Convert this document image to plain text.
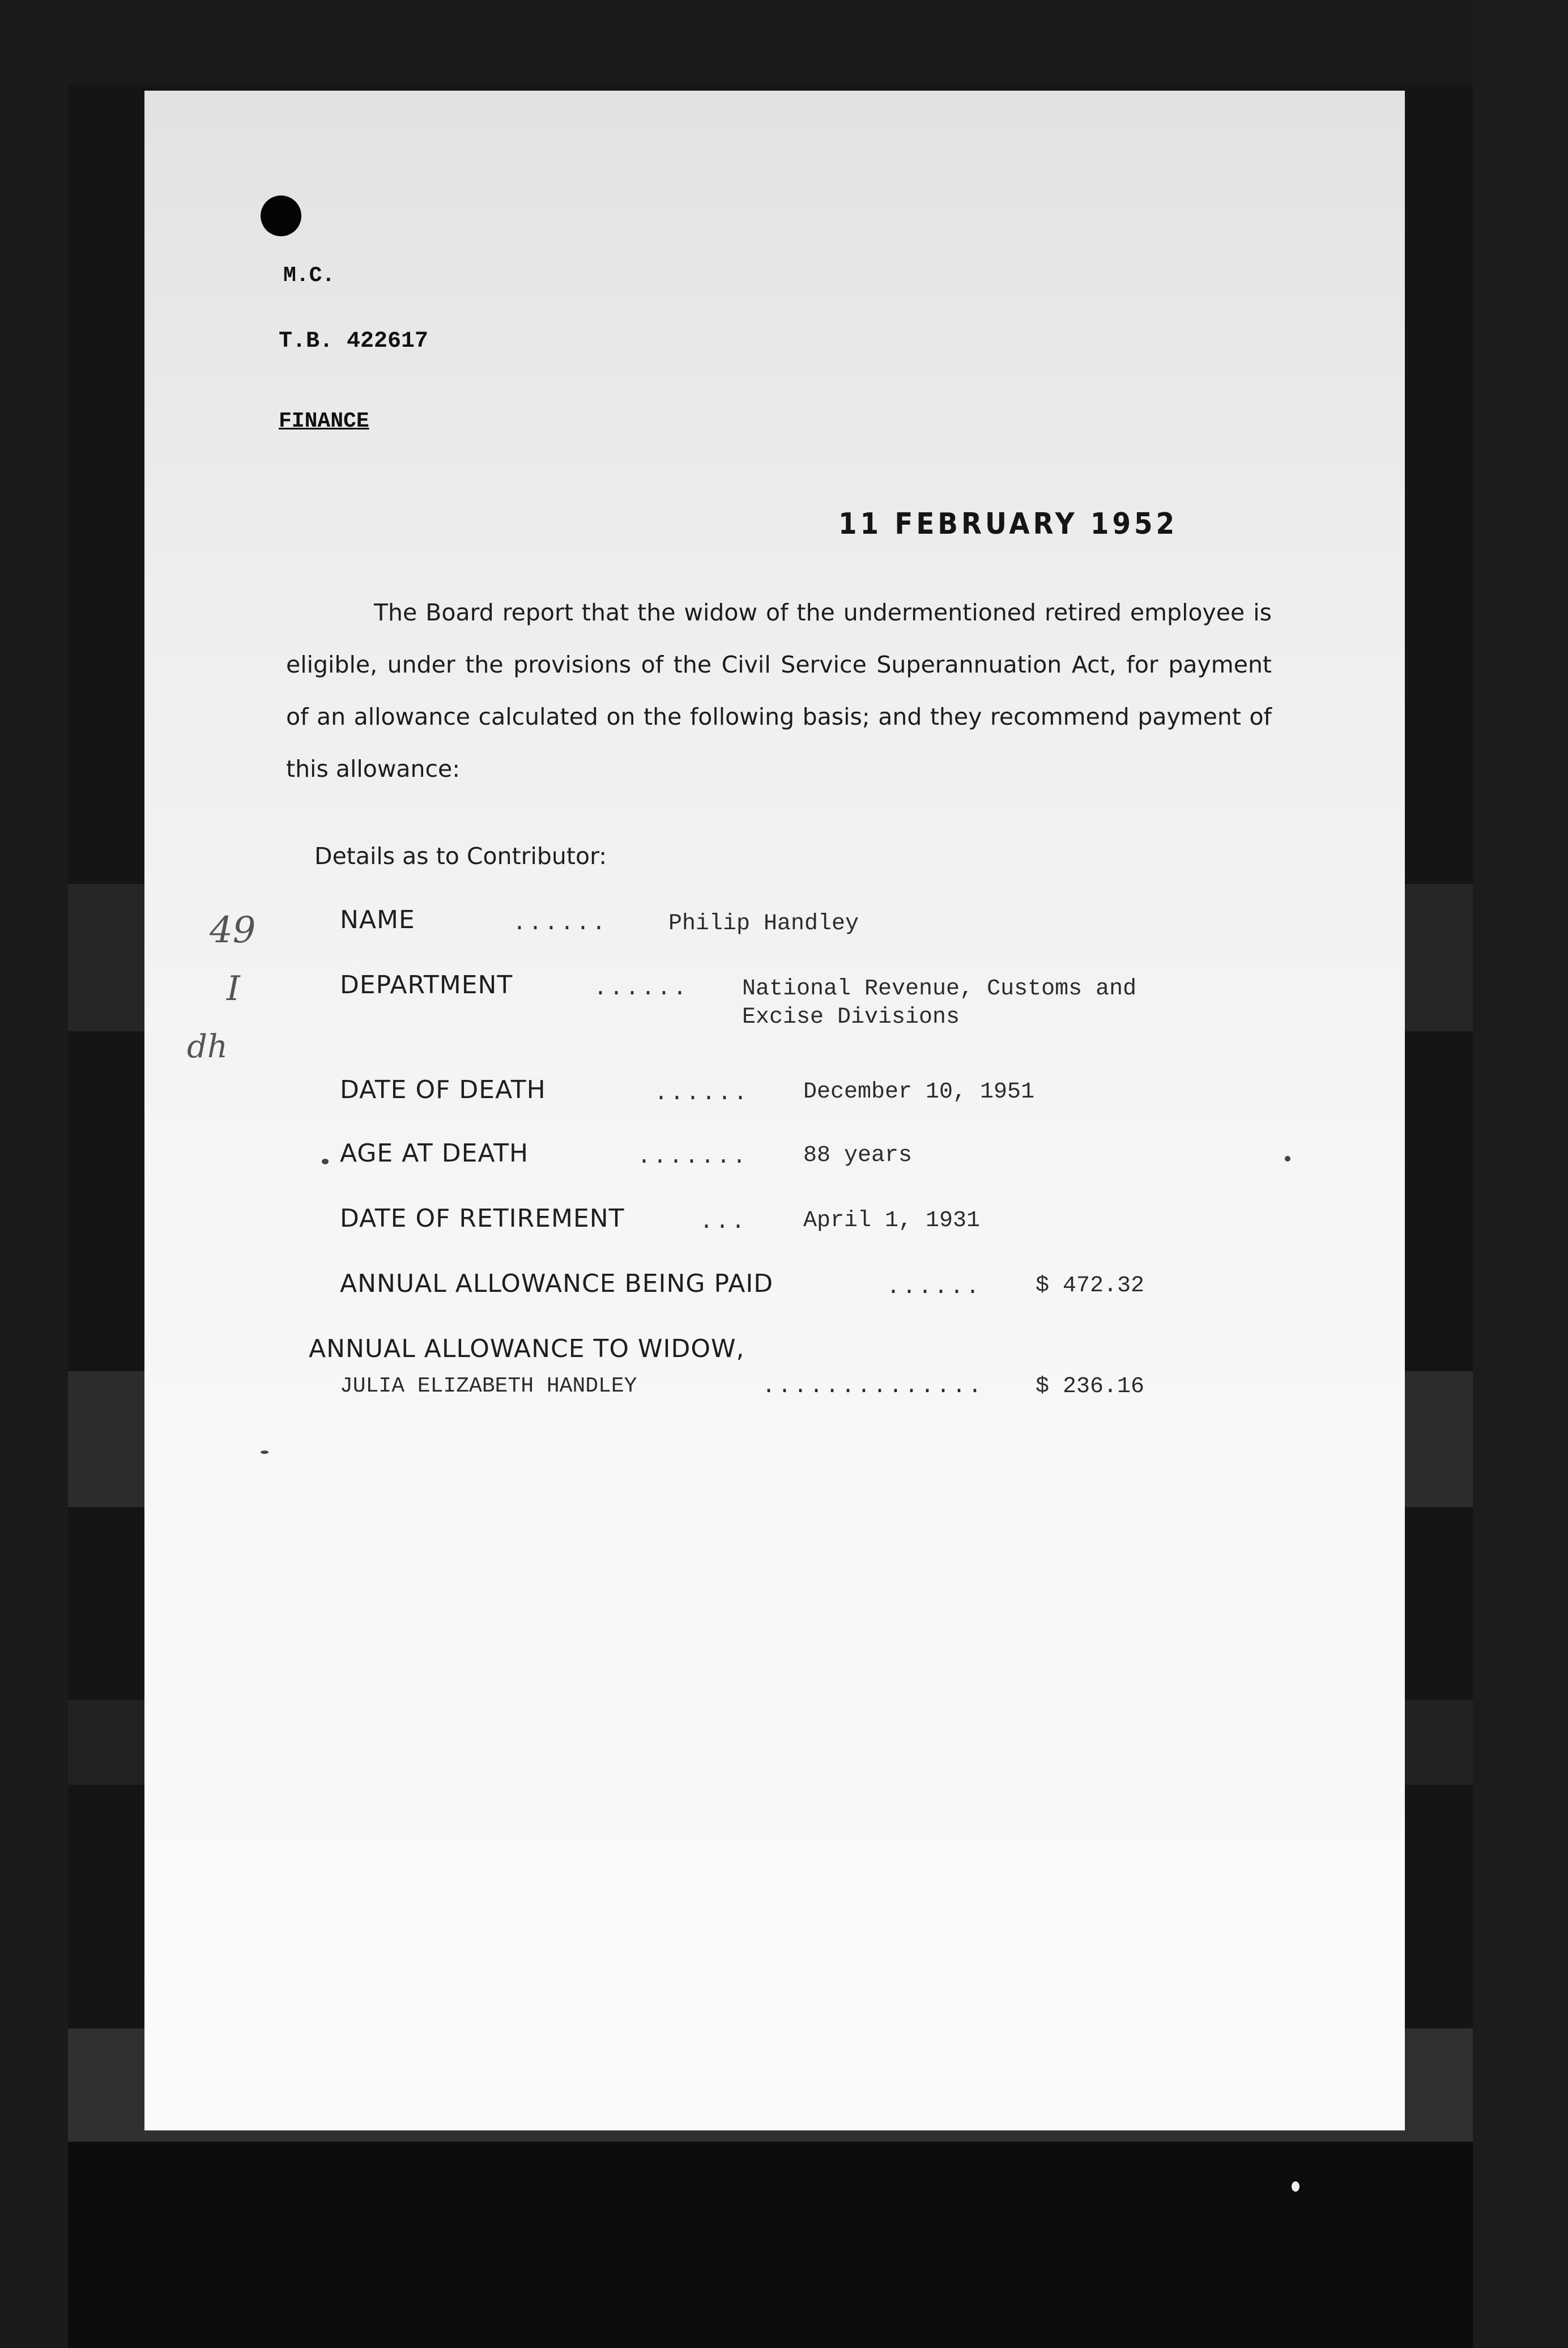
M.C.
T.B. 422617
FINANCE
11 FEBRUARY 1952

The Board report that the widow of the undermentioned retired employee is eligible, under the provisions of the Civil Service Superannuation Act, for payment of an allowance calculated on the following basis; and they recommend payment of this allowance:

Details as to Contributor:
NAME	......	Philip Handley
DEPARTMENT	...... National Revenue, Customs and
Excise Divisions
DATE OF DEATH	...... December 10, 1951
AGE AT DEATH	....... 88 years
DATE OF RETIREMENT	... April 1, 1931
ANNUAL ALLOWANCE BEING PAID	...... $ 472.32
ANNUAL ALLOWANCE TO WIDOW,
JULIA ELIZABETH HANDLEY	.............. $ 236.16
49
I
dh
